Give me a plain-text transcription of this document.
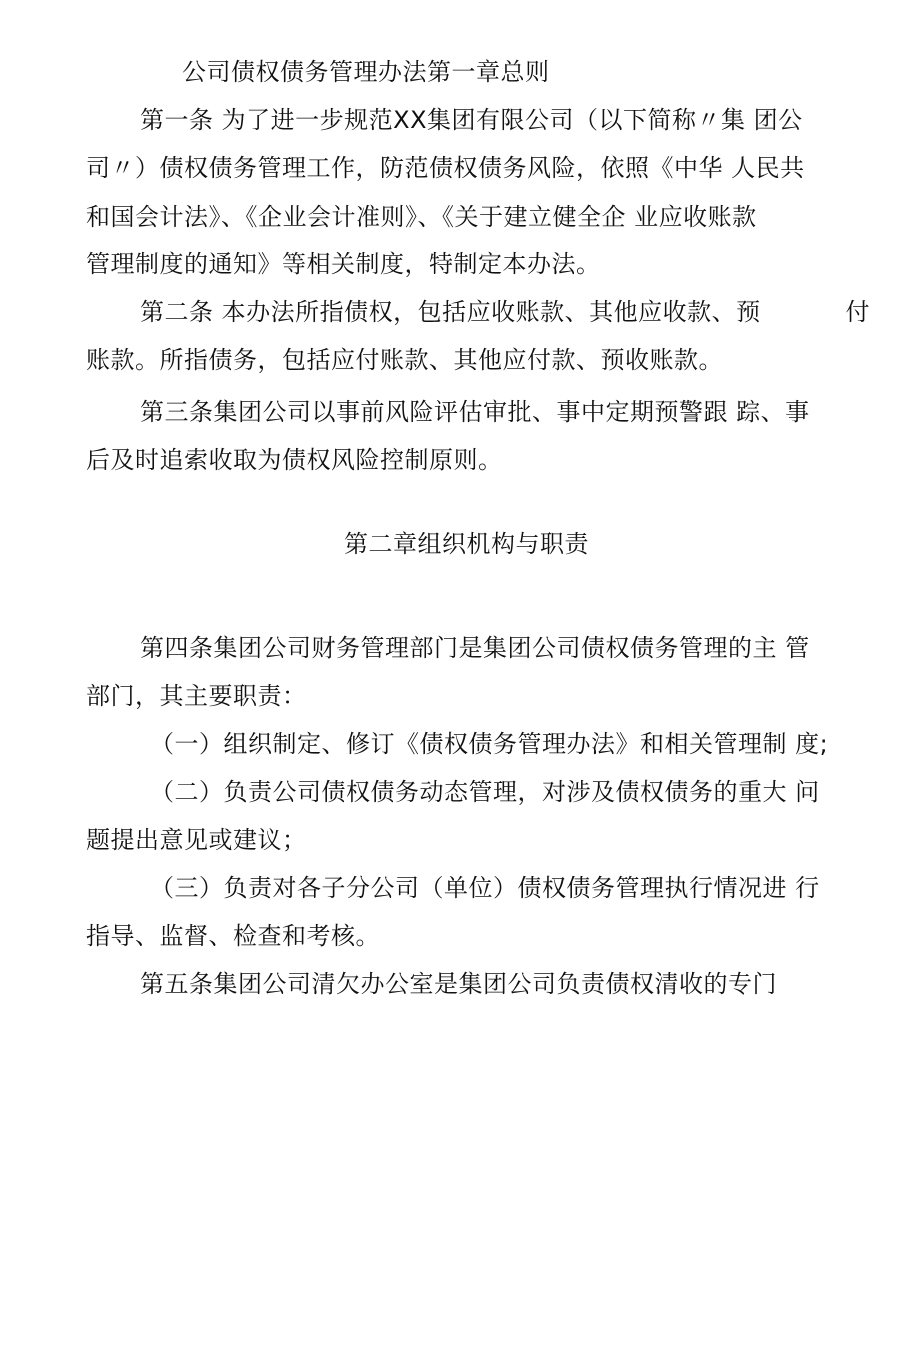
公司债权债务管理办法第一章总则
第一条 为了进一步规范XX集团有限公司（以下简称〃集 团公
司〃）债权债务管理工作，防范债权债务风险，依照《中华 人民共
和国会计法》、《企业会计准则》、《关于建立健全企 业应收账款
管理制度的通知》等相关制度，特制定本办法。
第二条 本办法所指债权，包括应收账款、其他应收款、预	付
账款。所指债务，包括应付账款、其他应付款、预收账款。
第三条集团公司以事前风险评估审批、事中定期预警跟 踪、事
后及时追索收取为债权风险控制原则。
第二章组织机构与职责
第四条集团公司财务管理部门是集团公司债权债务管理的主 管
部门，其主要职责：
（一）组织制定、修订《债权债务管理办法》和相关管理制 度;
（二）负责公司债权债务动态管理，对涉及债权债务的重大 问
题提出意见或建议；
（三）负责对各子分公司（单位）债权债务管理执行情况进 行
指导、监督、检查和考核。
第五条集团公司清欠办公室是集团公司负责债权清收的专门
